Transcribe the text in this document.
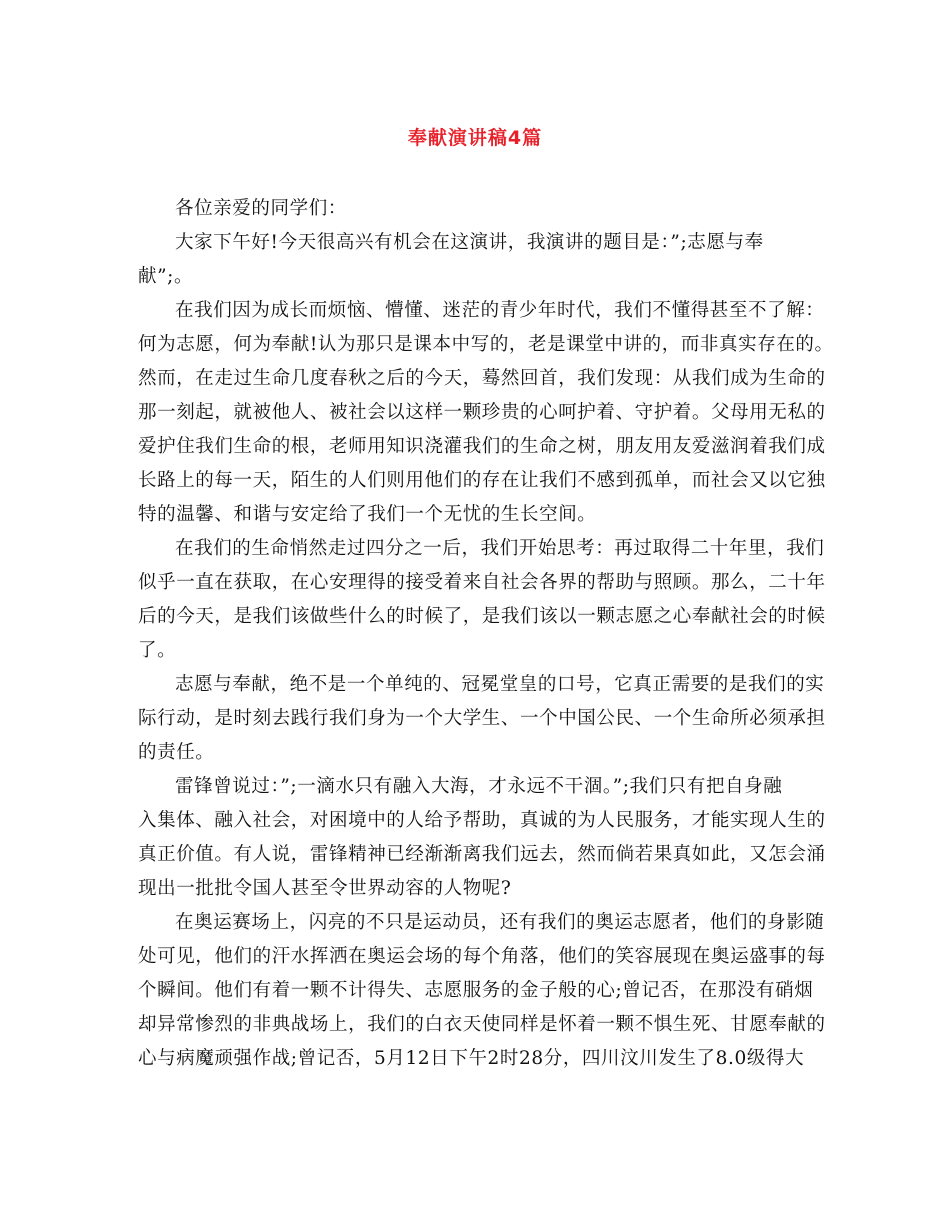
奉献演讲稿4篇
各位亲爱的同学们：
大家下午好!今天很高兴有机会在这演讲，我演讲的题目是：”;志愿与奉
献”;。
在我们因为成长而烦恼、懵懂、迷茫的青少年时代，我们不懂得甚至不了解：
何为志愿，何为奉献!认为那只是课本中写的，老是课堂中讲的，而非真实存在的。
然而，在走过生命几度春秋之后的今天，蓦然回首，我们发现：从我们成为生命的
那一刻起，就被他人、被社会以这样一颗珍贵的心呵护着、守护着。父母用无私的
爱护住我们生命的根，老师用知识浇灌我们的生命之树，朋友用友爱滋润着我们成
长路上的每一天，陌生的人们则用他们的存在让我们不感到孤单，而社会又以它独
特的温馨、和谐与安定给了我们一个无忧的生长空间。
在我们的生命悄然走过四分之一后，我们开始思考：再过取得二十年里，我们
似乎一直在获取，在心安理得的接受着来自社会各界的帮助与照顾。那么，二十年
后的今天，是我们该做些什么的时候了，是我们该以一颗志愿之心奉献社会的时候
了。
志愿与奉献，绝不是一个单纯的、冠冕堂皇的口号，它真正需要的是我们的实
际行动，是时刻去践行我们身为一个大学生、一个中国公民、一个生命所必须承担
的责任。
雷锋曾说过：”;一滴水只有融入大海，才永远不干涸。”;我们只有把自身融
入集体、融入社会，对困境中的人给予帮助，真诚的为人民服务，才能实现人生的
真正价值。有人说，雷锋精神已经渐渐离我们远去，然而倘若果真如此，又怎会涌
现出一批批令国人甚至令世界动容的人物呢?
在奥运赛场上，闪亮的不只是运动员，还有我们的奥运志愿者，他们的身影随
处可见，他们的汗水挥洒在奥运会场的每个角落，他们的笑容展现在奥运盛事的每
个瞬间。他们有着一颗不计得失、志愿服务的金子般的心;曾记否，在那没有硝烟
却异常惨烈的非典战场上，我们的白衣天使同样是怀着一颗不惧生死、甘愿奉献的
心与病魔顽强作战;曾记否，5月12日下午2时28分，四川汶川发生了8.0级得大
